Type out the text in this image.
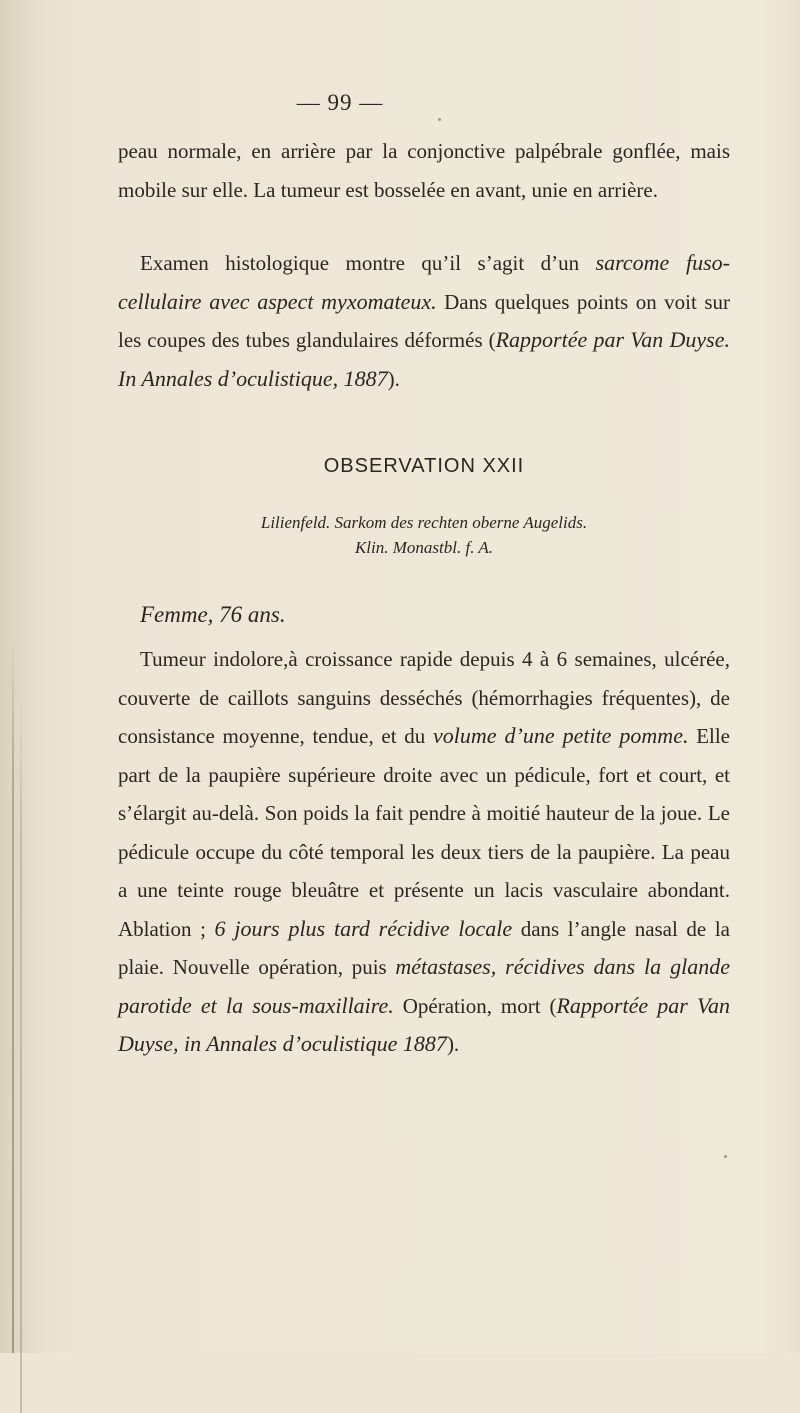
— 99 —

peau normale, en arrière par la conjonctive palpébrale gonflée, mais mobile sur elle. La tumeur est bosselée en avant, unie en arrière.

Examen histologique montre qu’il s’agit d’un sarcome fuso-cellulaire avec aspect myxomateux. Dans quelques points on voit sur les coupes des tubes glandulaires déformés (Rapportée par Van Duyse. In Annales d’oculistique, 1887).

OBSERVATION XXII
Lilienfeld. Sarkom des rechten oberne Augelids.
Klin. Monastbl. f. A.
Femme, 76 ans.

Tumeur indolore,à croissance rapide depuis 4 à 6 semaines, ulcérée, couverte de caillots sanguins desséchés (hémorrhagies fréquentes), de consistance moyenne, tendue, et du volume d’une petite pomme. Elle part de la paupière supérieure droite avec un pédicule, fort et court, et s’élargit au-delà. Son poids la fait pendre à moitié hauteur de la joue. Le pédicule occupe du côté temporal les deux tiers de la paupière. La peau a une teinte rouge bleuâtre et présente un lacis vasculaire abondant. Ablation ; 6 jours plus tard récidive locale dans l’angle nasal de la plaie. Nouvelle opération, puis métastases, récidives dans la glande parotide et la sous-maxillaire. Opération, mort (Rapportée par Van Duyse, in Annales d’oculistique 1887).
